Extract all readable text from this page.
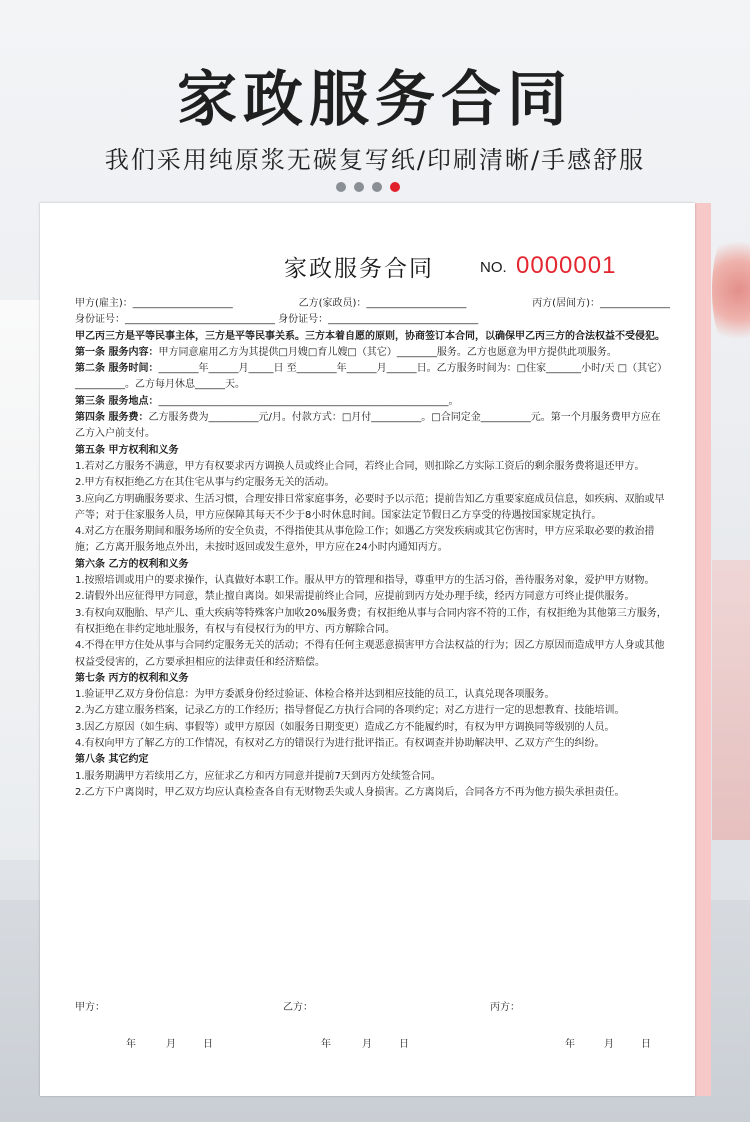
家政服务合同
我们采用纯原浆无碳复写纸/印刷清晰/手感舒服
家政服务合同	NO. 0000001
甲方(雇主)：____________________	乙方(家政员)：____________________	丙方(居间方)：______________

身份证号：______________________________ 身份证号：______________________________

甲乙丙三方是平等民事主体，三方是平等民事关系。三方本着自愿的原则，协商签订本合同，以确保甲乙丙三方的合法权益不受侵犯。

第一条 服务内容：甲方同意雇用乙方为其提供□月嫂□育儿嫂□（其它）________服务。乙方也愿意为甲方提供此项服务。

第二条 服务时间：________年______月_____日 至________年______月______日。乙方服务时间为：□住家_______小时/天 □（其它）__________。乙方每月休息______天。

第三条 服务地点：__________________________________________________________。

第四条 服务费：乙方服务费为__________元/月。付款方式：□月付__________。□合同定金__________元。第一个月服务费甲方应在乙方入户前支付。

第五条 甲方权利和义务

1.若对乙方服务不满意，甲方有权要求丙方调换人员或终止合同，若终止合同，则扣除乙方实际工资后的剩余服务费将退还甲方。

2.甲方有权拒绝乙方在其住宅从事与约定服务无关的活动。

3.应向乙方明确服务要求、生活习惯，合理安排日常家庭事务，必要时予以示范；提前告知乙方重要家庭成员信息，如疾病、双胎或早产等；对于住家服务人员，甲方应保障其每天不少于8小时休息时间。国家法定节假日乙方享受的待遇按国家规定执行。

4.对乙方在服务期间和服务场所的安全负责，不得指使其从事危险工作；如遇乙方突发疾病或其它伤害时，甲方应采取必要的救治措施；乙方离开服务地点外出，未按时返回或发生意外，甲方应在24小时内通知丙方。

第六条 乙方的权利和义务

1.按照培训或用户的要求操作，认真做好本职工作。服从甲方的管理和指导，尊重甲方的生活习俗，善待服务对象，爱护甲方财物。

2.请假外出应征得甲方同意，禁止擅自离岗。如果需提前终止合同，应提前到丙方处办理手续，经丙方同意方可终止提供服务。

3.有权向双胞胎、早产儿、重大疾病等特殊客户加收20%服务费；有权拒绝从事与合同内容不符的工作，有权拒绝为其他第三方服务，有权拒绝在非约定地址服务，有权与有侵权行为的甲方、丙方解除合同。

4.不得在甲方住处从事与合同约定服务无关的活动；不得有任何主观恶意损害甲方合法权益的行为；因乙方原因而造成甲方人身或其他权益受侵害的，乙方要承担相应的法律责任和经济赔偿。

第七条 丙方的权利和义务

1.验证甲乙双方身份信息：为甲方委派身份经过验证、体检合格并达到相应技能的员工，认真兑现各项服务。

2.为乙方建立服务档案，记录乙方的工作经历；指导督促乙方执行合同的各项约定；对乙方进行一定的思想教育、技能培训。

3.因乙方原因（如生病、事假等）或甲方原因（如服务日期变更）造成乙方不能履约时，有权为甲方调换同等级别的人员。

4.有权向甲方了解乙方的工作情况，有权对乙方的错误行为进行批评指正。有权调查并协助解决甲、乙双方产生的纠纷。

第八条 其它约定

1.服务期满甲方若续用乙方，应征求乙方和丙方同意并提前7天到丙方处续签合同。

2.乙方下户离岗时，甲乙双方均应认真检查各自有无财物丢失或人身损害。乙方离岗后，合同各方不再为他方损失承担责任。

甲方：	乙方：	丙方：
年	月	日	年	月	日	年	月	日
